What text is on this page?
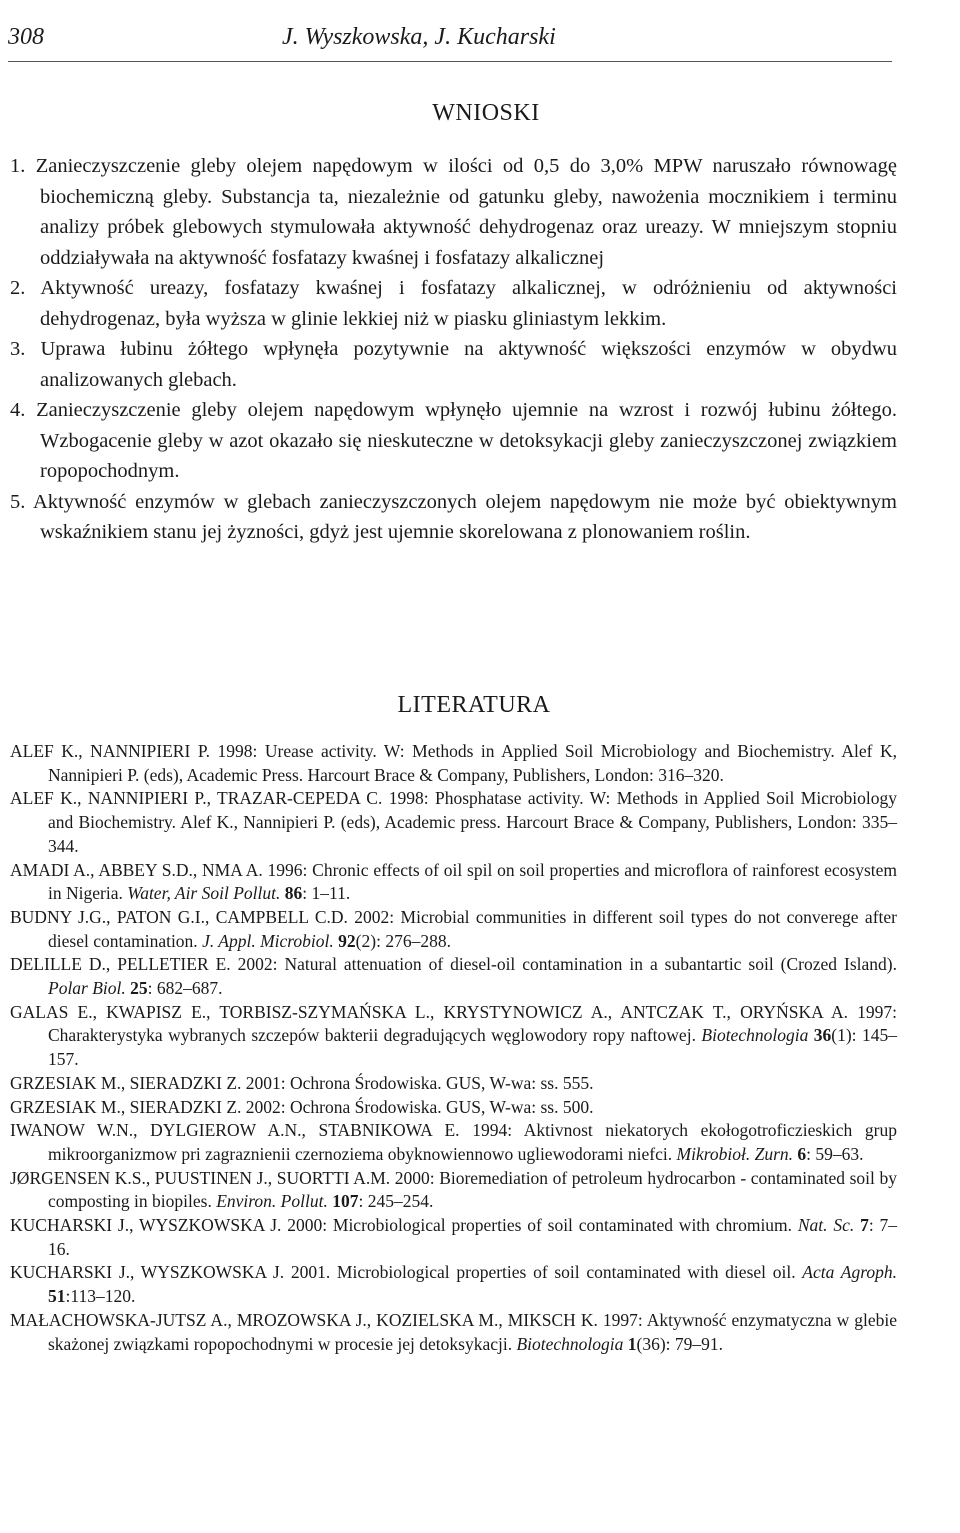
308	J. Wyszkowska, J. Kucharski
WNIOSKI

1. Zanieczyszczenie gleby olejem napędowym w ilości od 0,5 do 3,0% MPW naruszało równowagę biochemiczną gleby. Substancja ta, niezależnie od gatunku gleby, nawożenia mocznikiem i terminu analizy próbek glebowych stymulowała aktywność dehydrogenaz oraz ureazy. W mniejszym stopniu oddziaływała na aktywność fosfatazy kwaśnej i fosfatazy alkalicznej

2. Aktywność ureazy, fosfatazy kwaśnej i fosfatazy alkalicznej, w odróżnieniu od aktywności dehydrogenaz, była wyższa w glinie lekkiej niż w piasku gliniastym lekkim.

3. Uprawa łubinu żółtego wpłynęła pozytywnie na aktywność większości enzymów w obydwu analizowanych glebach.

4. Zanieczyszczenie gleby olejem napędowym wpłynęło ujemnie na wzrost i rozwój łubinu żółtego. Wzbogacenie gleby w azot okazało się nieskuteczne w detoksykacji gleby zanieczyszczonej związkiem ropopochodnym.

5. Aktywność enzymów w glebach zanieczyszczonych olejem napędowym nie może być obiektywnym wskaźnikiem stanu jej żyzności, gdyż jest ujemnie skorelowana z plonowaniem roślin.

LITERATURA

ALEF K., NANNIPIERI P. 1998: Urease activity. W: Methods in Applied Soil Microbiology and Biochemistry. Alef K, Nannipieri P. (eds), Academic Press. Harcourt Brace & Company, Publishers, London: 316–320.

ALEF K., NANNIPIERI P., TRAZAR-CEPEDA C. 1998: Phosphatase activity. W: Methods in Applied Soil Microbiology and Biochemistry. Alef K., Nannipieri P. (eds), Academic press. Harcourt Brace & Company, Publishers, London: 335–344.

AMADI A., ABBEY S.D., NMA A. 1996: Chronic effects of oil spil on soil properties and microflora of rainforest ecosystem in Nigeria. Water, Air Soil Pollut. 86: 1–11.

BUDNY J.G., PATON G.I., CAMPBELL C.D. 2002: Microbial communities in different soil types do not converege after diesel contamination. J. Appl. Microbiol. 92(2): 276–288.

DELILLE D., PELLETIER E. 2002: Natural attenuation of diesel-oil contamination in a subantartic soil (Crozed Island). Polar Biol. 25: 682–687.

GALAS E., KWAPISZ E., TORBISZ-SZYMAŃSKA L., KRYSTYNOWICZ A., ANTCZAK T., ORYŃSKA A. 1997: Charakterystyka wybranych szczepów bakterii degradujących węglowodory ropy naftowej. Biotechnologia 36(1): 145–157.

GRZESIAK M., SIERADZKI Z. 2001: Ochrona Środowiska. GUS, W-wa: ss. 555.

GRZESIAK M., SIERADZKI Z. 2002: Ochrona Środowiska. GUS, W-wa: ss. 500.

IWANOW W.N., DYLGIEROW A.N., STABNIKOWA E. 1994: Aktivnost niekatorych ekołogotroficzieskich grup mikroorganizmow pri zagraznienii czernoziema obyknowiennowo ugliewodorami niefci. Mikrobioł. Zurn. 6: 59–63.

JØRGENSEN K.S., PUUSTINEN J., SUORTTI A.M. 2000: Bioremediation of petroleum hydrocarbon - contaminated soil by composting in biopiles. Environ. Pollut. 107: 245–254.

KUCHARSKI J., WYSZKOWSKA J. 2000: Microbiological properties of soil contaminated with chromium. Nat. Sc. 7: 7–16.

KUCHARSKI J., WYSZKOWSKA J. 2001. Microbiological properties of soil contaminated with diesel oil. Acta Agroph. 51:113–120.

MAŁACHOWSKA-JUTSZ A., MROZOWSKA J., KOZIELSKA M., MIKSCH K. 1997: Aktywność enzymatyczna w glebie skażonej związkami ropopochodnymi w procesie jej detoksykacji. Biotechnologia 1(36): 79–91.
